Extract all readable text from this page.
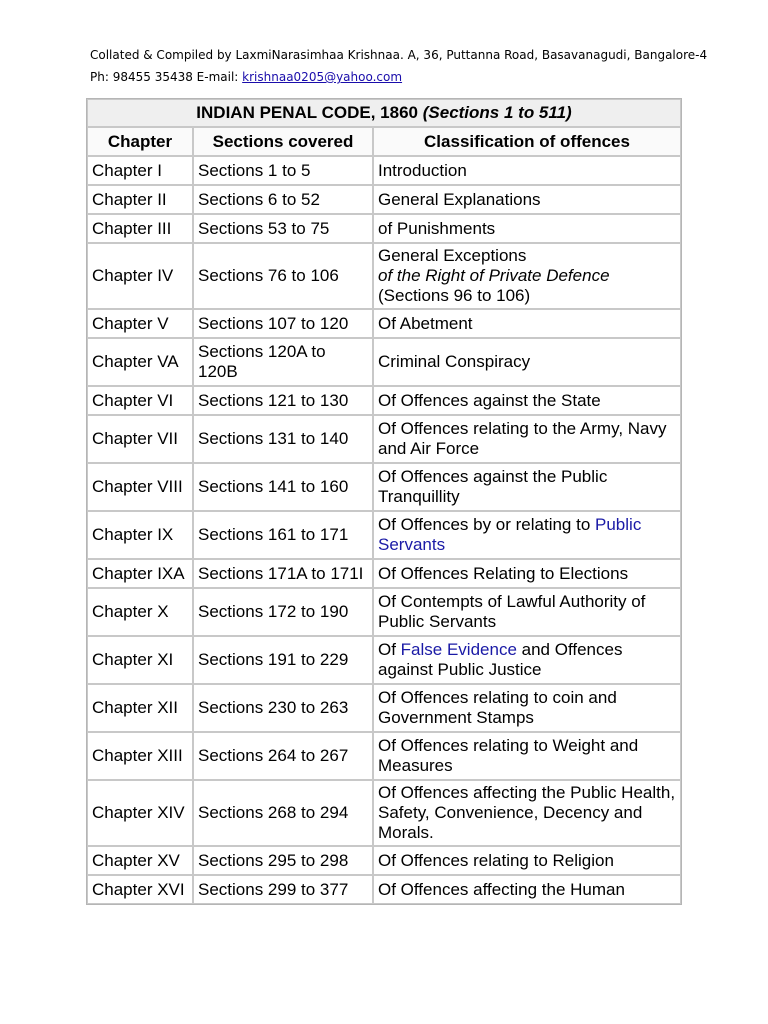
Collated & Compiled by LaxmiNarasimhaa Krishnaa. A, 36, Puttanna Road, Basavanagudi, Bangalore-4
Ph: 98455 35438 E-mail: krishnaa0205@yahoo.com
INDIAN PENAL CODE, 1860 (Sections 1 to 511)		
Chapter	Sections covered	Classification of offences
Chapter I	Sections 1 to 5	Introduction
Chapter II	Sections 6 to 52	General Explanations
Chapter III	Sections 53 to 75	of Punishments
Chapter IV	Sections 76 to 106	General Exceptions
of the Right of Private Defence (Sections 96 to 106)
Chapter V	Sections 107 to 120	Of Abetment
Chapter VA	Sections 120A to 120B	Criminal Conspiracy
Chapter VI	Sections 121 to 130	Of Offences against the State
Chapter VII	Sections 131 to 140	Of Offences relating to the Army, Navy and Air Force
Chapter VIII	Sections 141 to 160	Of Offences against the Public Tranquillity
Chapter IX	Sections 161 to 171	Of Offences by or relating to Public Servants
Chapter IXA	Sections 171A to 171I	Of Offences Relating to Elections
Chapter X	Sections 172 to 190	Of Contempts of Lawful Authority of Public Servants
Chapter XI	Sections 191 to 229	Of False Evidence and Offences against Public Justice
Chapter XII	Sections 230 to 263	Of Offences relating to coin and Government Stamps
Chapter XIII	Sections 264 to 267	Of Offences relating to Weight and Measures
Chapter XIV	Sections 268 to 294	Of Offences affecting the Public Health, Safety, Convenience, Decency and Morals.
Chapter XV	Sections 295 to 298	Of Offences relating to Religion
Chapter XVI	Sections 299 to 377	Of Offences affecting the Human
